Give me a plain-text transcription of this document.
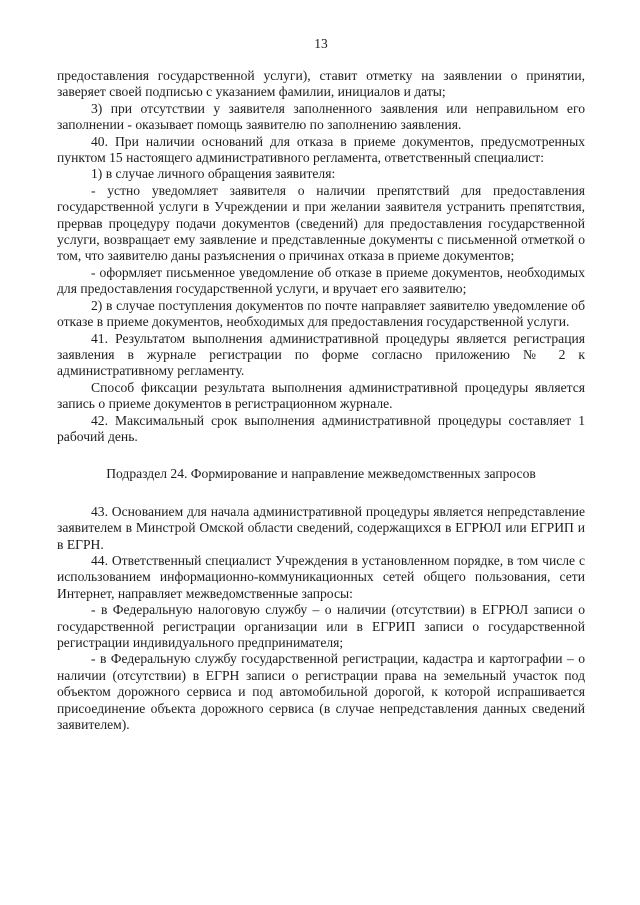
13

предоставления государственной услуги), ставит отметку на заявлении о принятии, заверяет своей подписью с указанием фамилии, инициалов и даты;

3) при отсутствии у заявителя заполненного заявления или неправильном его заполнении - оказывает помощь заявителю по заполнению заявления.

40. При наличии оснований для отказа в приеме документов, предусмотренных пунктом 15 настоящего административного регламента, ответственный специалист:

1) в случае личного обращения заявителя:

- устно уведомляет заявителя о наличии препятствий для предоставления государственной услуги в Учреждении и при желании заявителя устранить препятствия, прервав процедуру подачи документов (сведений) для предоставления государственной услуги, возвращает ему заявление и представленные документы с письменной отметкой о том, что заявителю даны разъяснения о причинах отказа в приеме документов;

- оформляет письменное уведомление об отказе в приеме документов, необходимых для предоставления государственной услуги, и вручает его заявителю;

2) в случае поступления документов по почте направляет заявителю уведомление об отказе в приеме документов, необходимых для предоставления государственной услуги.

41. Результатом выполнения административной процедуры является регистрация заявления в журнале регистрации по форме согласно приложению № 2 к административному регламенту.

Способ фиксации результата выполнения административной процедуры является запись о приеме документов в регистрационном журнале.

42. Максимальный срок выполнения административной процедуры составляет 1 рабочий день.

Подраздел 24. Формирование и направление межведомственных запросов

43. Основанием для начала административной процедуры является непредставление заявителем в Минстрой Омской области сведений, содержащихся в ЕГРЮЛ или ЕГРИП и в ЕГРН.

44. Ответственный специалист Учреждения в установленном порядке, в том числе с использованием информационно-коммуникационных сетей общего пользования, сети Интернет, направляет межведомственные запросы:

- в Федеральную налоговую службу – о наличии (отсутствии) в ЕГРЮЛ записи о государственной регистрации организации или в ЕГРИП записи о государственной регистрации индивидуального предпринимателя;

- в Федеральную службу государственной регистрации, кадастра и картографии – о наличии (отсутствии) в ЕГРН записи о регистрации права на земельный участок под объектом дорожного сервиса и под автомобильной дорогой, к которой испрашивается присоединение объекта дорожного сервиса (в случае непредставления данных сведений заявителем).
